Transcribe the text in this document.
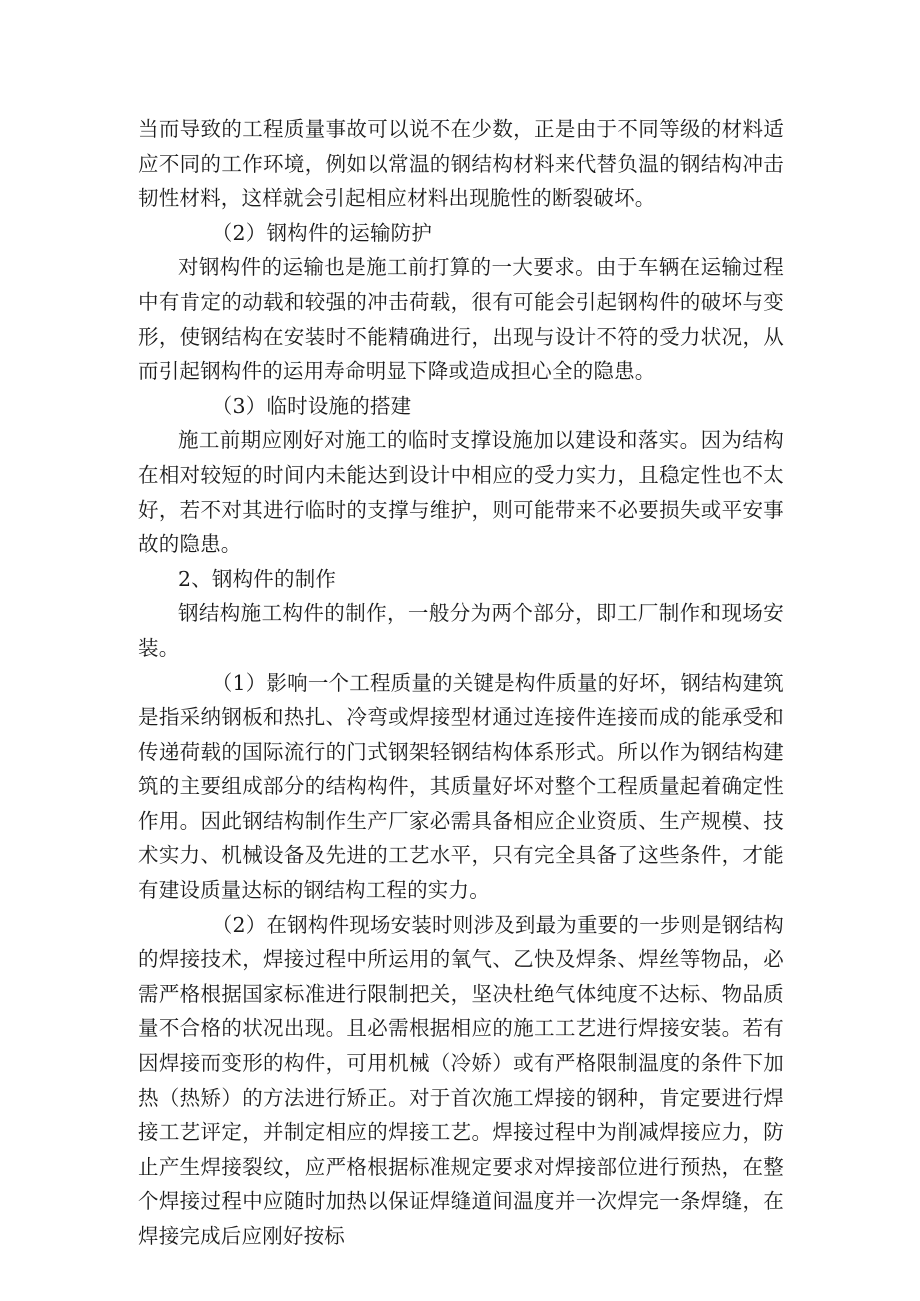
当而导致的工程质量事故可以说不在少数，正是由于不同等级的材料适应不同的工作环境，例如以常温的钢结构材料来代替负温的钢结构冲击韧性材料，这样就会引起相应材料出现脆性的断裂破坏。

（2）钢构件的运输防护

对钢构件的运输也是施工前打算的一大要求。由于车辆在运输过程中有肯定的动载和较强的冲击荷载，很有可能会引起钢构件的破坏与变形，使钢结构在安装时不能精确进行，出现与设计不符的受力状况，从而引起钢构件的运用寿命明显下降或造成担心全的隐患。

（3）临时设施的搭建

施工前期应刚好对施工的临时支撑设施加以建设和落实。因为结构在相对较短的时间内未能达到设计中相应的受力实力，且稳定性也不太好，若不对其进行临时的支撑与维护，则可能带来不必要损失或平安事故的隐患。

2、钢构件的制作

钢结构施工构件的制作，一般分为两个部分，即工厂制作和现场安装。

（1）影响一个工程质量的关键是构件质量的好坏，钢结构建筑是指采纳钢板和热扎、冷弯或焊接型材通过连接件连接而成的能承受和传递荷载的国际流行的门式钢架轻钢结构体系形式。所以作为钢结构建筑的主要组成部分的结构构件，其质量好坏对整个工程质量起着确定性作用。因此钢结构制作生产厂家必需具备相应企业资质、生产规模、技术实力、机械设备及先进的工艺水平，只有完全具备了这些条件，才能有建设质量达标的钢结构工程的实力。

（2）在钢构件现场安装时则涉及到最为重要的一步则是钢结构的焊接技术，焊接过程中所运用的氧气、乙快及焊条、焊丝等物品，必需严格根据国家标准进行限制把关，坚决杜绝气体纯度不达标、物品质量不合格的状况出现。且必需根据相应的施工工艺进行焊接安装。若有因焊接而变形的构件，可用机械（冷娇）或有严格限制温度的条件下加热（热矫）的方法进行矫正。对于首次施工焊接的钢种，肯定要进行焊接工艺评定，并制定相应的焊接工艺。焊接过程中为削减焊接应力，防止产生焊接裂纹，应严格根据标准规定要求对焊接部位进行预热，在整个焊接过程中应随时加热以保证焊缝道间温度并一次焊完一条焊缝，在焊接完成后应刚好按标
